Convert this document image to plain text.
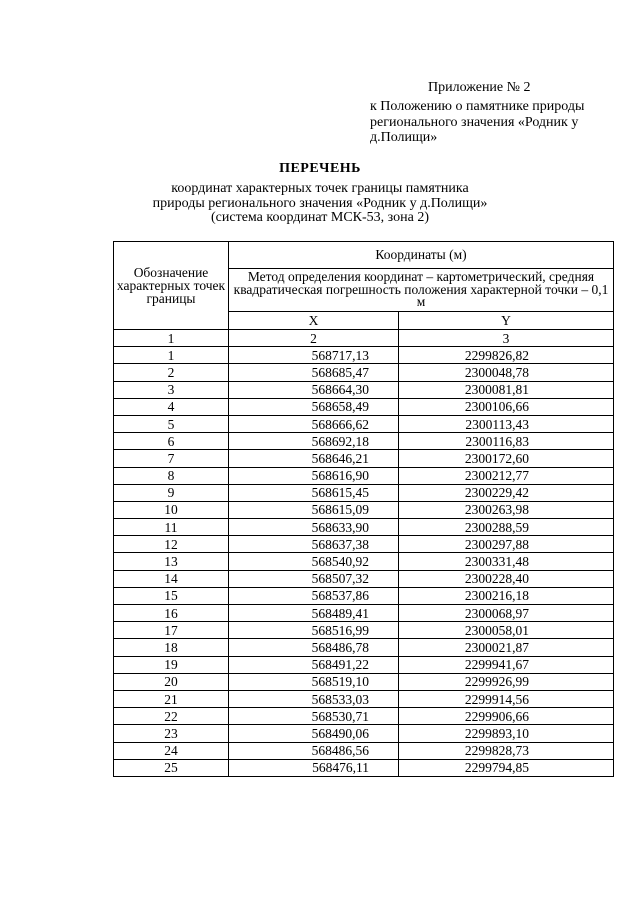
Приложение № 2
к Положению о памятнике природы регионального значения «Родник у д.Полищи»
ПЕРЕЧЕНЬ
координат характерных точек границы памятника природы регионального значения «Родник у д.Полищи» (система координат МСК-53, зона 2)
Обозначение характерных точек границы	Координаты (м)	
	Метод определения координат – картометрический, средняя квадратическая погрешность положения характерной точки – 0,1 м	
	X	Y
1	2	3
1	568717,13	2299826,82
2	568685,47	2300048,78
3	568664,30	2300081,81
4	568658,49	2300106,66
5	568666,62	2300113,43
6	568692,18	2300116,83
7	568646,21	2300172,60
8	568616,90	2300212,77
9	568615,45	2300229,42
10	568615,09	2300263,98
11	568633,90	2300288,59
12	568637,38	2300297,88
13	568540,92	2300331,48
14	568507,32	2300228,40
15	568537,86	2300216,18
16	568489,41	2300068,97
17	568516,99	2300058,01
18	568486,78	2300021,87
19	568491,22	2299941,67
20	568519,10	2299926,99
21	568533,03	2299914,56
22	568530,71	2299906,66
23	568490,06	2299893,10
24	568486,56	2299828,73
25	568476,11	2299794,85
